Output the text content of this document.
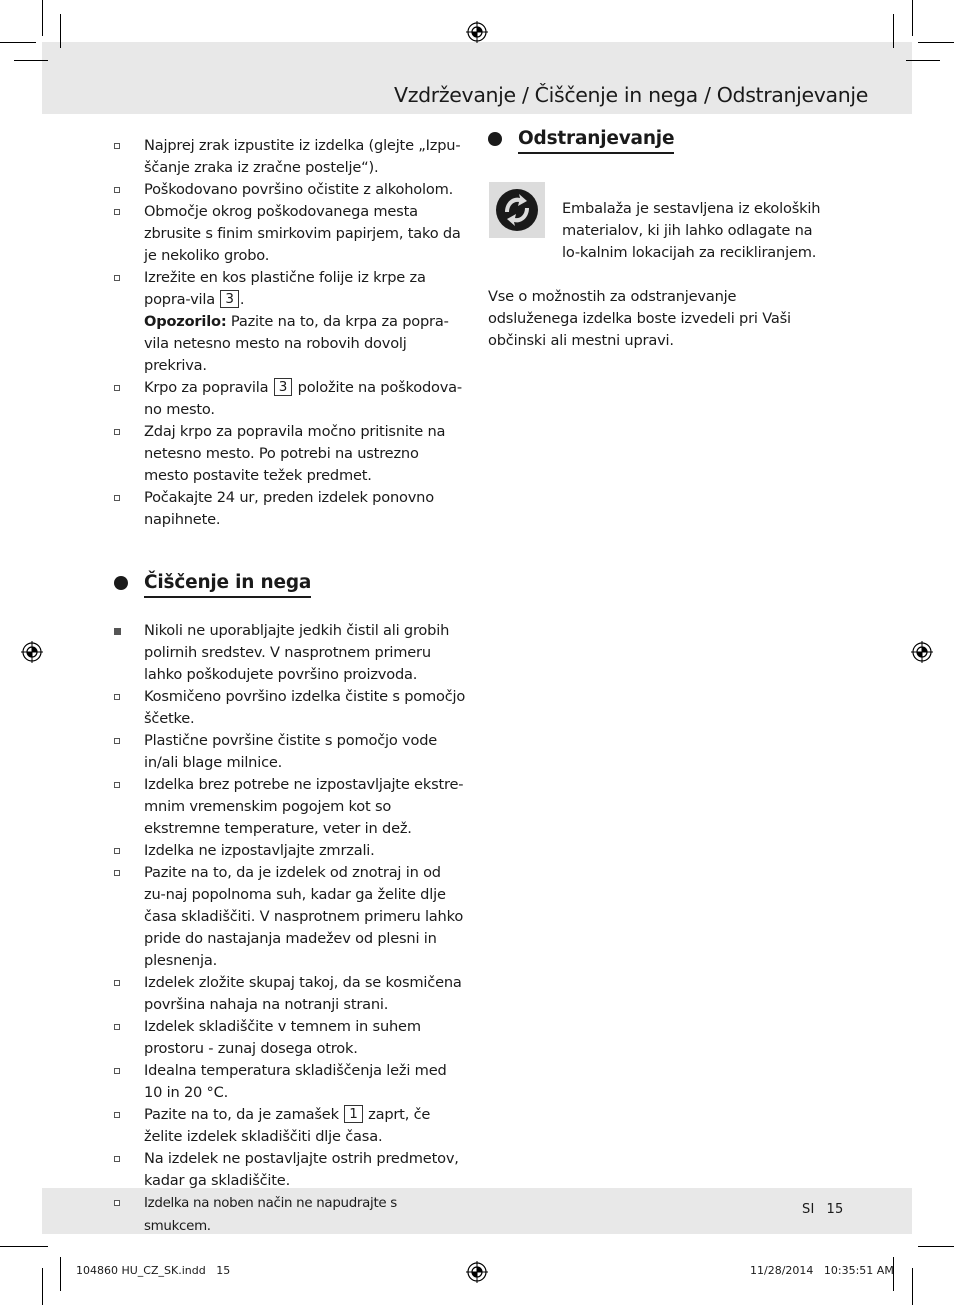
Vzdrževanje / Čiščenje in nega / Odstranjevanje
Najprej zrak izpustite iz izdelka (glejte „Izpu-ščanje zraka iz zračne postelje“).
Poškodovano površino očistite z alkoholom.
Območje okrog poškodovanega mesta zbrusite s finim smirkovim papirjem, tako da je nekoliko grobo.
Izrežite en kos plastične folije iz krpe za popra-vila 3 .
Opozorilo: Pazite na to, da krpa za popra-vila netesno mesto na robovih dovolj prekriva.
Krpo za popravila 3 položite na poškodova-no mesto.
Zdaj krpo za popravila močno pritisnite na netesno mesto. Po potrebi na ustrezno mesto postavite težek predmet.
Počakajte 24 ur, preden izdelek ponovno napihnete.
Čiščenje in nega
Nikoli ne uporabljajte jedkih čistil ali grobih polirnih sredstev. V nasprotnem primeru lahko poškodujete površino proizvoda.
Kosmičeno površino izdelka čistite s pomočjo ščetke.
Plastične površine čistite s pomočjo vode in/ali blage milnice.
Izdelka brez potrebe ne izpostavljajte ekstre-mnim vremenskim pogojem kot so ekstremne temperature, veter in dež.
Izdelka ne izpostavljajte zmrzali.
Pazite na to, da je izdelek od znotraj in od zu-naj popolnoma suh, kadar ga želite dlje časa skladiščiti. V nasprotnem primeru lahko pride do nastajanja madežev od plesni in plesnenja.
Izdelek zložite skupaj takoj, da se kosmičena površina nahaja na notranji strani.
Izdelek skladiščite v temnem in suhem prostoru - zunaj dosega otrok.
Idealna temperatura skladiščenja leži med 10 in 20 °C.
Pazite na to, da je zamašek 1 zaprt, če želite izdelek skladiščiti dlje časa.
Na izdelek ne postavljajte ostrih predmetov, kadar ga skladiščite.
Izdelka na noben način ne napudrajte s smukcem.
Odstranjevanje
Embalaža je sestavljena iz ekoloških materialov, ki jih lahko odlagate na lo-kalnim lokacijah za recikliranjem.
Vse o možnostih za odstranjevanje odsluženega izdelka boste izvedeli pri Vaši občinski ali mestni upravi.
SI 15
104860 HU_CZ_SK.indd   15	11/28/2014   10:35:51 AM
